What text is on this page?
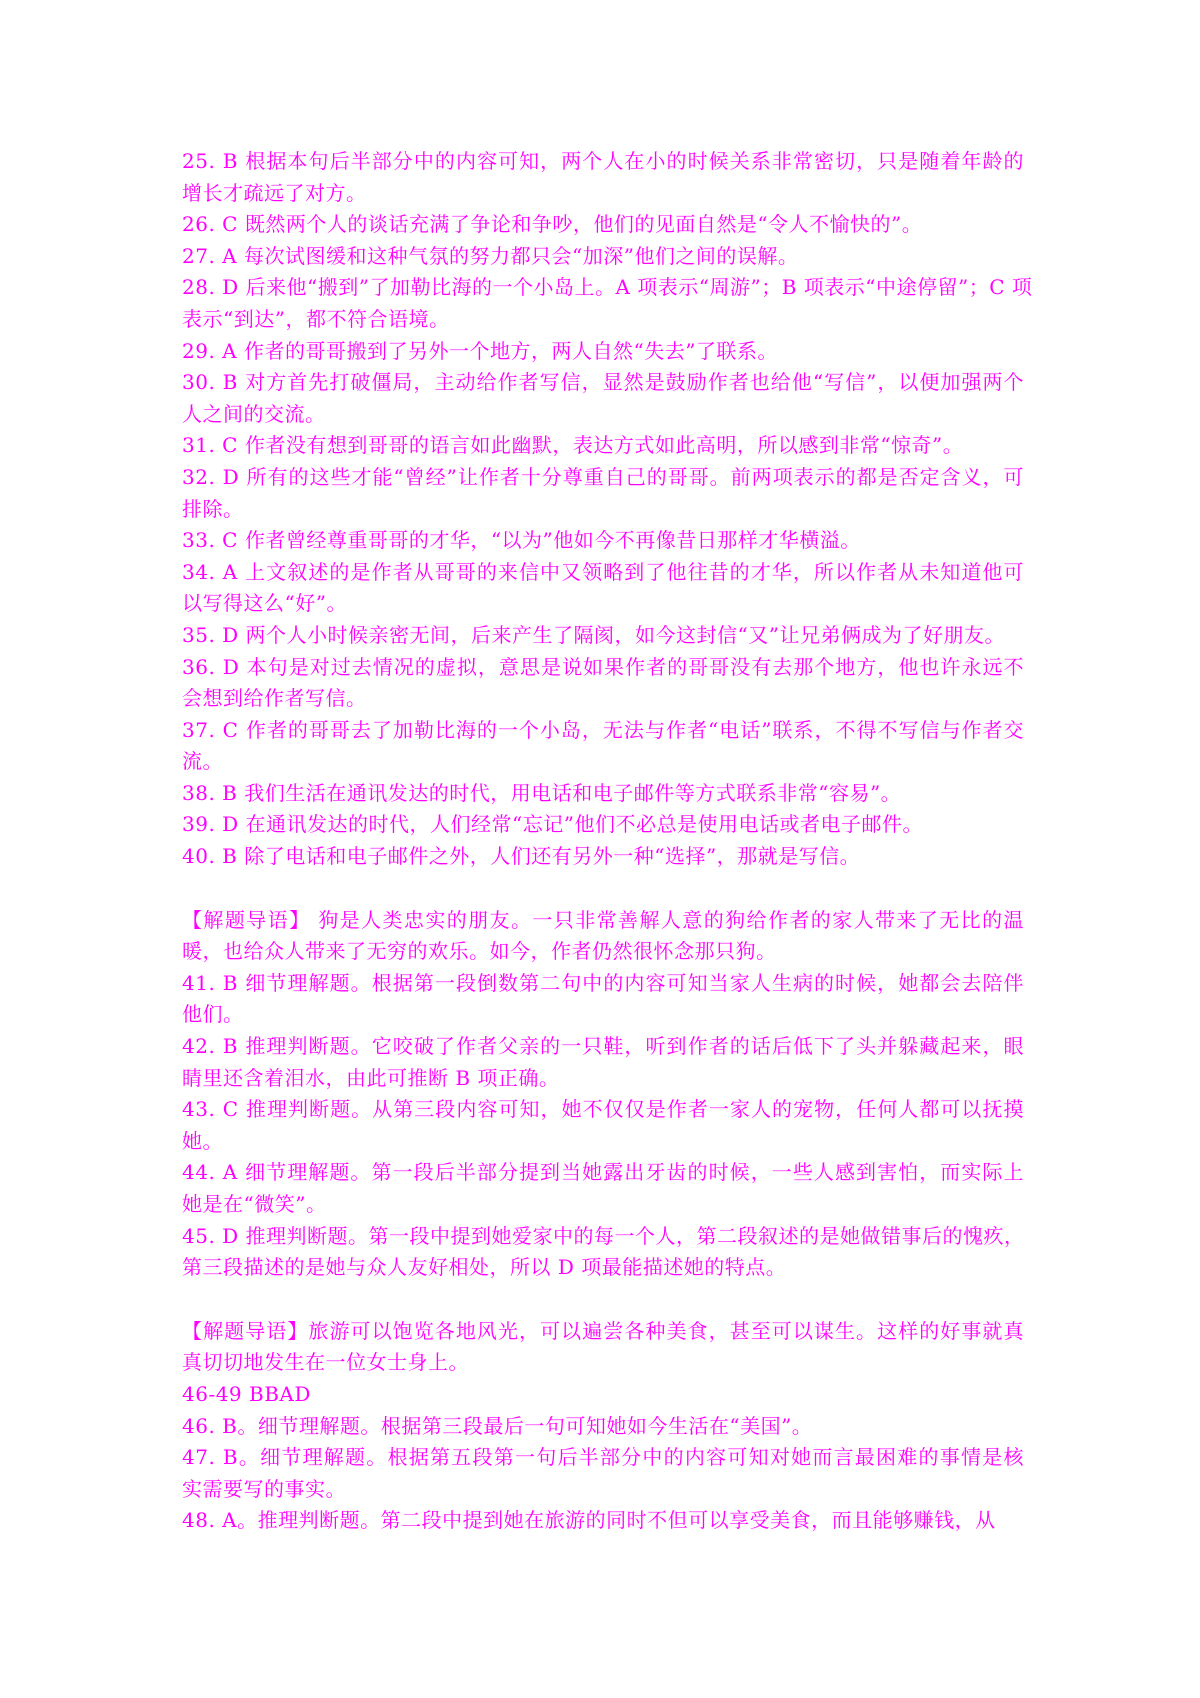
25. B 根据本句后半部分中的内容可知，两个人在小的时候关系非常密切，只是随着年龄的
增长才疏远了对方。
26. C 既然两个人的谈话充满了争论和争吵，他们的见面自然是“令人不愉快的”。
27. A 每次试图缓和这种气氛的努力都只会“加深”他们之间的误解。
28. D 后来他“搬到”了加勒比海的一个小岛上。A 项表示“周游”；B 项表示“中途停留”；C 项
表示“到达”，都不符合语境。
29. A 作者的哥哥搬到了另外一个地方，两人自然“失去”了联系。
30. B 对方首先打破僵局，主动给作者写信，显然是鼓励作者也给他“写信”，以便加强两个
人之间的交流。
31. C 作者没有想到哥哥的语言如此幽默，表达方式如此高明，所以感到非常“惊奇”。
32. D 所有的这些才能“曾经”让作者十分尊重自己的哥哥。前两项表示的都是否定含义，可
排除。
33. C 作者曾经尊重哥哥的才华，“以为”他如今不再像昔日那样才华横溢。
34. A 上文叙述的是作者从哥哥的来信中又领略到了他往昔的才华，所以作者从未知道他可
以写得这么“好”。
35. D 两个人小时候亲密无间，后来产生了隔阂，如今这封信“又”让兄弟俩成为了好朋友。
36. D 本句是对过去情况的虚拟，意思是说如果作者的哥哥没有去那个地方，他也许永远不
会想到给作者写信。
37. C 作者的哥哥去了加勒比海的一个小岛，无法与作者“电话”联系，不得不写信与作者交
流。
38. B 我们生活在通讯发达的时代，用电话和电子邮件等方式联系非常“容易”。
39. D 在通讯发达的时代，人们经常“忘记”他们不必总是使用电话或者电子邮件。
40. B 除了电话和电子邮件之外，人们还有另外一种“选择”，那就是写信。
【解题导语】 狗是人类忠实的朋友。一只非常善解人意的狗给作者的家人带来了无比的温
暖，也给众人带来了无穷的欢乐。如今，作者仍然很怀念那只狗。
41. B 细节理解题。根据第一段倒数第二句中的内容可知当家人生病的时候，她都会去陪伴
他们。
42. B 推理判断题。它咬破了作者父亲的一只鞋，听到作者的话后低下了头并躲藏起来，眼
睛里还含着泪水，由此可推断 B 项正确。
43. C 推理判断题。从第三段内容可知，她不仅仅是作者一家人的宠物，任何人都可以抚摸
她。
44. A 细节理解题。第一段后半部分提到当她露出牙齿的时候，一些人感到害怕，而实际上
她是在“微笑”。
45. D 推理判断题。第一段中提到她爱家中的每一个人，第二段叙述的是她做错事后的愧疚，
第三段描述的是她与众人友好相处，所以 D 项最能描述她的特点。
【解题导语】旅游可以饱览各地风光，可以遍尝各种美食，甚至可以谋生。这样的好事就真
真切切地发生在一位女士身上。
46-49 BBAD
46. B。细节理解题。根据第三段最后一句可知她如今生活在“美国”。
47. B。细节理解题。根据第五段第一句后半部分中的内容可知对她而言最困难的事情是核
实需要写的事实。
48. A。推理判断题。第二段中提到她在旅游的同时不但可以享受美食，而且能够赚钱，从
